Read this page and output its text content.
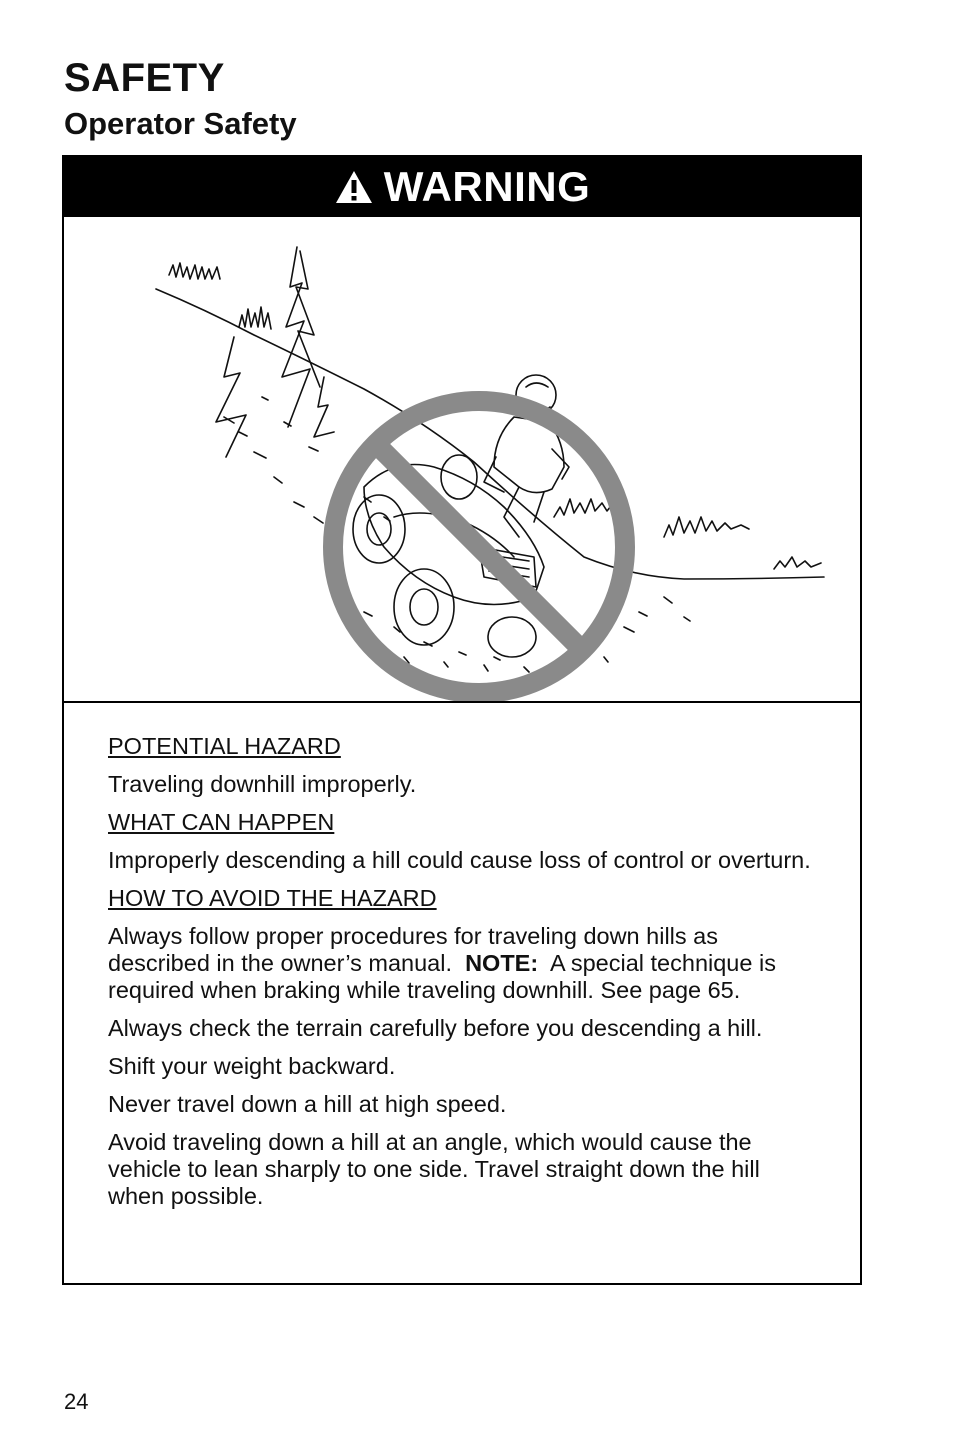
SAFETY
Operator Safety
WARNING

POTENTIAL HAZARD

Traveling downhill improperly.

WHAT CAN HAPPEN

Improperly descending a hill could cause loss of control or overturn.

HOW TO AVOID THE HAZARD

Always follow proper procedures for traveling down hills as described in the owner’s manual. NOTE: A special technique is required when braking while traveling downhill. See page 65.

Always check the terrain carefully before you descending a hill.

Shift your weight backward.

Never travel down a hill at high speed.

Avoid traveling down a hill at an angle, which would cause the vehicle to lean sharply to one side. Travel straight down the hill when possible.

24
